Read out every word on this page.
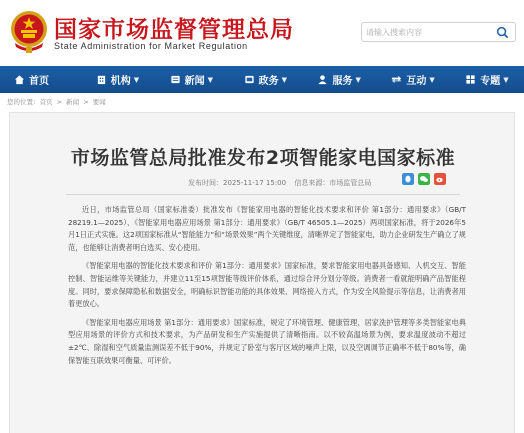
国家市场监督管理总局
State Administration for Market Regulation
请输入搜索内容
首页	机构 ▼	新闻 ▼	政务 ▼	服务 ▼	互动 ▼	专题 ▼
您的位置：首页 > 新闻 > 要闻
市场监管总局批准发布2项智能家电国家标准
发布时间：2025-11-17 15:00 信息来源：市场监管总局

近日，市场监管总局（国家标准委）批准发布《智能家用电器的智能化技术要求和评价 第1部分：通用要求》（GB/T 28219.1—2025）、《智能家用电器应用场景 第1部分：通用要求》（GB/T 46505.1—2025）两项国家标准，将于2026年5月1日正式实施。这2项国家标准从“智能能力”和“场景效果”两个关键维度，清晰界定了智能家电，助力企业研发生产确立了规范，也能够让消费者明白选买、安心使用。

《智能家用电器的智能化技术要求和评价 第1部分：通用要求》国家标准，要求智能家用电器具备感知、人机交互、智能控制、智能运维等关键能力，并建立11至15项智能等级评价体系，通过综合评分划分等级。消费者一看就能明确产品智能程度。同时，要求保障隐私和数据安全，明确标识智能功能的具体效果、网络接入方式，作为安全风险提示等信息，让消费者用着更放心。

《智能家用电器应用场景 第1部分：通用要求》国家标准，规定了环境管理、健康管理、居家洗护管理等多类智能家电典型应用场景的评价方式和技术要求，为产品研发和生产实施提供了清晰指南。以不较高温场景为例，要求温度波动不超过±2℃、除湿和空气质量监测误差不低于90%，并规定了卧室与客厅区域的噪声上限，以及空调调节正确率不低于80%等，确保智能互联效果可衡量、可评价。
